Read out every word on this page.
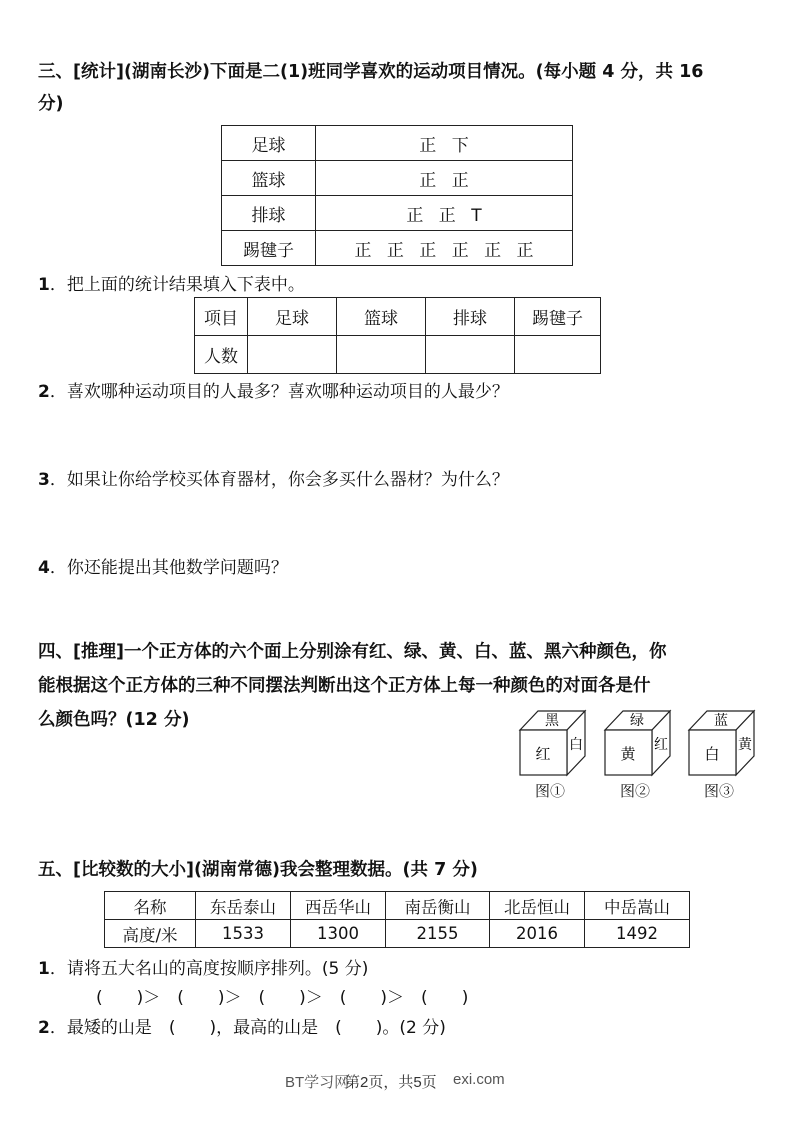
三、[统计](湖南长沙)下面是二(1)班同学喜欢的运动项目情况。(每小题 4 分，共 16
分)
足球	正 下
篮球	正 正
排球	正 正 T
踢毽子	正 正 正 正 正 正
1．把上面的统计结果填入下表中。
项目	足球	篮球	排球	踢毽子
人数				
2．喜欢哪种运动项目的人最多？喜欢哪种运动项目的人最少？
3．如果让你给学校买体育器材，你会多买什么器材？为什么？
4．你还能提出其他数学问题吗？
四、[推理]一个正方体的六个面上分别涂有红、绿、黄、白、蓝、黑六种颜色，你
能根据这个正方体的三种不同摆法判断出这个正方体上每一种颜色的对面各是什
么颜色吗？(12 分)	黑
红 白
图①
绿
黄 红
图②
蓝
白 黄
图③
五、[比较数的大小](湖南常德)我会整理数据。(共 7 分)
名称	东岳泰山	西岳华山	南岳衡山	北岳恒山	中岳嵩山
高度/米	1533	1300	2155	2016	1492
1．请将五大名山的高度按顺序排列。(5 分)
(　　)＞　(　　)＞　(　　)＞　(　　)＞　(　　)
2．最矮的山是　(　　)，最高的山是　(　　)。(2 分)
BT学习网
第2页，共5页 exi.com
